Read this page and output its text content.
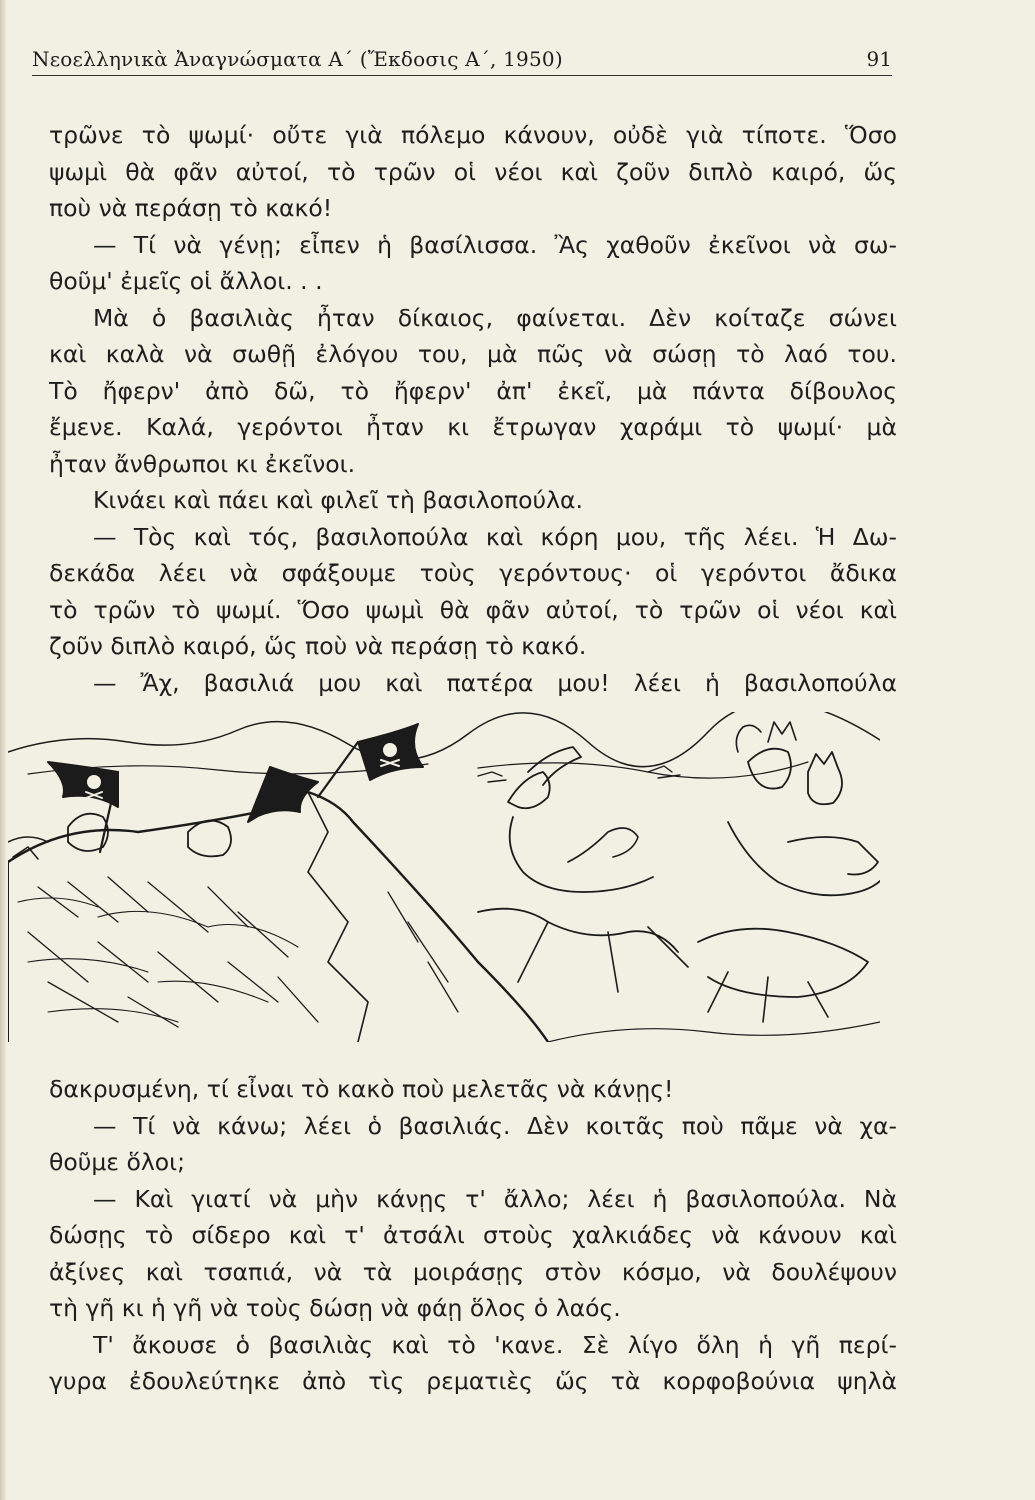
Νεοελληνικὰ Ἀναγνώσματα Α΄ (Ἔκδοσις Α΄, 1950)	91
τρῶνε τὸ ψωμί· οὔτε γιὰ πόλεμο κάνουν, οὐδὲ γιὰ τίποτε. Ὅσο
ψωμὶ θὰ φᾶν αὐτοί, τὸ τρῶν οἱ νέοι καὶ ζοῦν διπλὸ καιρό, ὥς
ποὺ νὰ περάσῃ τὸ κακό!
— Τί νὰ γένῃ; εἶπεν ἡ βασίλισσα. Ἂς χαθοῦν ἐκεῖνοι νὰ σω-
θοῦμ' ἐμεῖς οἱ ἄλλοι. . .
Μὰ ὁ βασιλιὰς ἦταν δίκαιος, φαίνεται. Δὲν κοίταζε σώνει
καὶ καλὰ νὰ σωθῇ ἐλόγου του, μὰ πῶς νὰ σώσῃ τὸ λαό του.
Τὸ ἤφερν' ἀπὸ δῶ, τὸ ἤφερν' ἀπ' ἐκεῖ, μὰ πάντα δίβουλος
ἔμενε. Καλά, γερόντοι ἦταν κι ἔτρωγαν χαράμι τὸ ψωμί· μὰ
ἦταν ἄνθρωποι κι ἐκεῖνοι.
Κινάει καὶ πάει καὶ φιλεῖ τὴ βασιλοπούλα.
— Τὸς καὶ τός, βασιλοπούλα καὶ κόρη μου, τῆς λέει. Ἡ Δω-
δεκάδα λέει νὰ σφάξουμε τοὺς γερόντους· οἱ γερόντοι ἄδικα
τὸ τρῶν τὸ ψωμί. Ὅσο ψωμὶ θὰ φᾶν αὐτοί, τὸ τρῶν οἱ νέοι καὶ
ζοῦν διπλὸ καιρό, ὥς ποὺ νὰ περάσῃ τὸ κακό.
— Ἄχ, βασιλιά μου καὶ πατέρα μου! λέει ἡ βασιλοπούλα
δακρυσμένη, τί εἶναι τὸ κακὸ ποὺ μελετᾶς νὰ κάνῃς!
— Τί νὰ κάνω; λέει ὁ βασιλιάς. Δὲν κοιτᾶς ποὺ πᾶμε νὰ χα-
θοῦμε ὅλοι;
— Καὶ γιατί νὰ μὴν κάνῃς τ' ἄλλο; λέει ἡ βασιλοπούλα. Νὰ
δώσῃς τὸ σίδερο καὶ τ' ἀτσάλι στοὺς χαλκιάδες νὰ κάνουν καὶ
ἀξίνες καὶ τσαπιά, νὰ τὰ μοιράσῃς στὸν κόσμο, νὰ δουλέψουν
τὴ γῆ κι ἡ γῆ νὰ τοὺς δώσῃ νὰ φάῃ ὅλος ὁ λαός.
Τ' ἄκουσε ὁ βασιλιὰς καὶ τὸ 'κανε. Σὲ λίγο ὅλη ἡ γῆ περί-
γυρα ἐδουλεύτηκε ἀπὸ τὶς ρεματιὲς ὥς τὰ κορφοβούνια ψηλὰ
